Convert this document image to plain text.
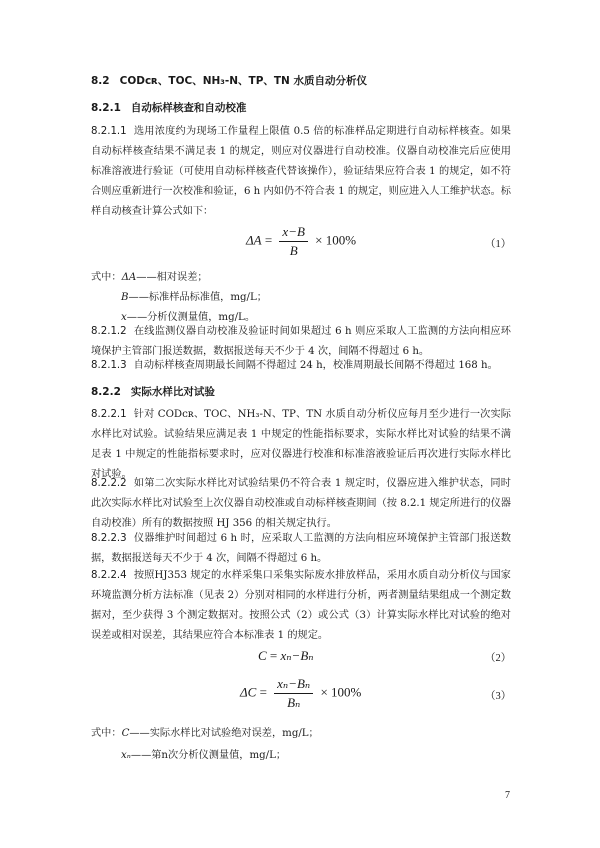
8.2 CODᴄʀ、TOC、NH₃-N、TP、TN 水质自动分析仪
8.2.1 自动标样核查和自动校准
8.2.1.1 选用浓度约为现场工作量程上限值 0.5 倍的标准样品定期进行自动标样核查。如果自动标样核查结果不满足表 1 的规定，则应对仪器进行自动校准。仪器自动校准完后应使用标准溶液进行验证（可使用自动标样核查代替该操作），验证结果应符合表 1 的规定，如不符合则应重新进行一次校准和验证，6 h 内如仍不符合表 1 的规定，则应进入人工维护状态。标样自动核查计算公式如下：
$\Delta A = \frac{x-B}{B} \times 100\%$	（1）
式中：ΔA——相对误差；
B——标准样品标准值，mg/L；
x——分析仪测量值，mg/L。
8.2.1.2 在线监测仪器自动校准及验证时间如果超过 6 h 则应采取人工监测的方法向相应环境保护主管部门报送数据，数据报送每天不少于 4 次，间隔不得超过 6 h。
8.2.1.3 自动标样核查周期最长间隔不得超过 24 h，校准周期最长间隔不得超过 168 h。
8.2.2 实际水样比对试验
8.2.2.1 针对 CODᴄʀ、TOC、NH₃-N、TP、TN 水质自动分析仪应每月至少进行一次实际水样比对试验。试验结果应满足表 1 中规定的性能指标要求，实际水样比对试验的结果不满足表 1 中规定的性能指标要求时，应对仪器进行校准和标准溶液验证后再次进行实际水样比对试验。
8.2.2.2 如第二次实际水样比对试验结果仍不符合表 1 规定时，仪器应进入维护状态，同时此次实际水样比对试验至上次仪器自动校准或自动标样核查期间（按 8.2.1 规定所进行的仪器自动校准）所有的数据按照 HJ 356 的相关规定执行。
8.2.2.3 仪器维护时间超过 6 h 时，应采取人工监测的方法向相应环境保护主管部门报送数据，数据报送每天不少于 4 次，间隔不得超过 6 h。
8.2.2.4 按照HJ353 规定的水样采集口采集实际废水排放样品，采用水质自动分析仪与国家环境监测分析方法标准（见表 2）分别对相同的水样进行分析，两者测量结果组成一个测定数据对，至少获得 3 个测定数据对。按照公式（2）或公式（3）计算实际水样比对试验的绝对误差或相对误差，其结果应符合本标准表 1 的规定。
C = xₙ−Bₙ	（2）
$\Delta C = \frac{\text{xₙ−Bₙ}}{\text{Bₙ}} \times 100\%$	（3）
式中：C——实际水样比对试验绝对误差，mg/L；
xₙ——第n次分析仪测量值，mg/L；
7
